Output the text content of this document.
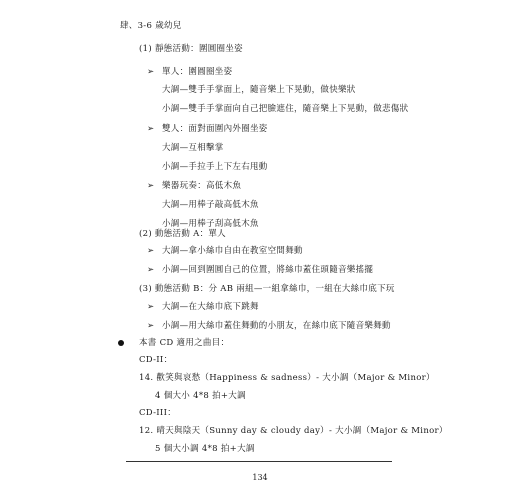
肆、3-6 歲幼兒
(1) 靜態活動：圍圓圈坐姿
➢ 單人：圍圓圈坐姿
大調—雙手手掌面上，隨音樂上下晃動，做快樂狀
小調—雙手手掌面向自己把臉遮住，隨音樂上下晃動，做悲傷狀
➢ 雙人：面對面圍內外圈坐姿
大調—互相擊掌
小調—手拉手上下左右甩動
➢ 樂器玩奏：高低木魚
大調—用棒子敲高低木魚
小調—用棒子刮高低木魚
(2) 動態活動 A：單人
➢ 大調—拿小絲巾自由在教室空間舞動
➢ 小調—回到圍圓自己的位置，將絲巾蓋住頭隨音樂搖擺
(3) 動態活動 B：分 AB 兩組—一組拿絲巾，一組在大絲巾底下玩
➢ 大調—在大絲巾底下跳舞
➢ 小調—用大絲巾蓋住舞動的小朋友，在絲巾底下隨音樂舞動
本書 CD 適用之曲目：
CD-II：
14. 歡笑與哀愁（Happiness & sadness）- 大小調（Major & Minor）
4 個大小 4*8 拍+大調
CD-III：
12. 晴天與陰天（Sunny day & cloudy day）- 大小調（Major & Minor）
5 個大小調 4*8 拍+大調
134
